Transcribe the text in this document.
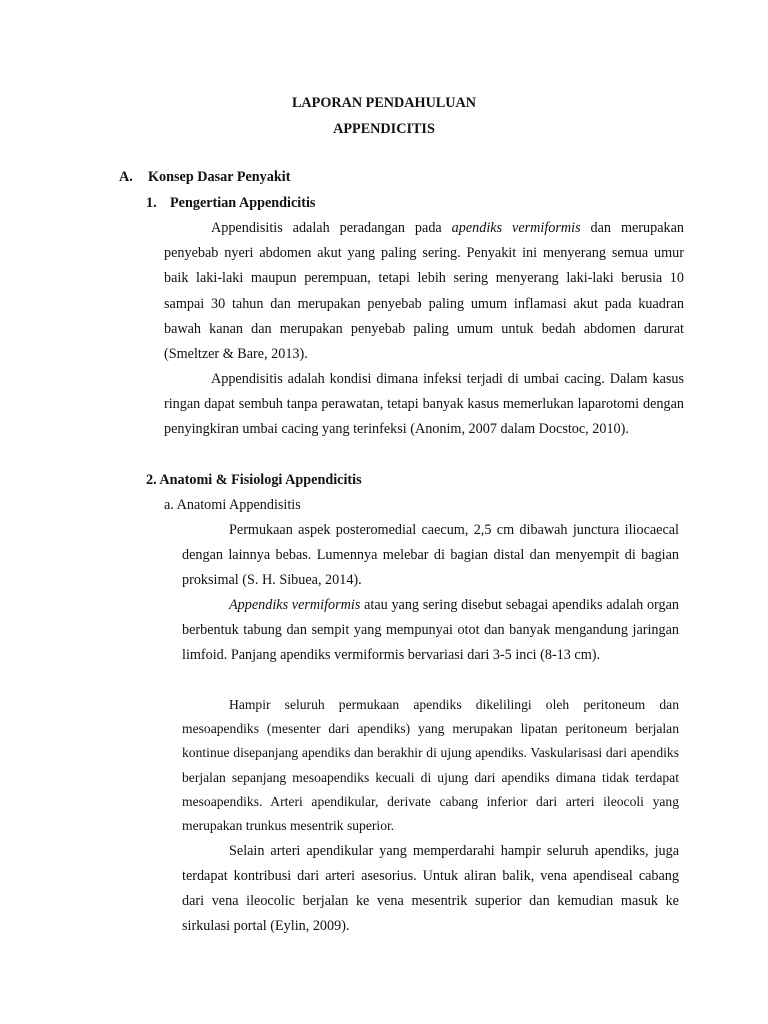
LAPORAN PENDAHULUAN
APPENDICITIS
A. Konsep Dasar Penyakit
1. Pengertian Appendicitis

Appendisitis adalah peradangan pada apendiks vermiformis dan merupakan penyebab nyeri abdomen akut yang paling sering. Penyakit ini menyerang semua umur baik laki-laki maupun perempuan, tetapi lebih sering menyerang laki-laki berusia 10 sampai 30 tahun dan merupakan penyebab paling umum inflamasi akut pada kuadran bawah kanan dan merupakan penyebab paling umum untuk bedah abdomen darurat (Smeltzer & Bare, 2013).

Appendisitis adalah kondisi dimana infeksi terjadi di umbai cacing. Dalam kasus ringan dapat sembuh tanpa perawatan, tetapi banyak kasus memerlukan laparotomi dengan penyingkiran umbai cacing yang terinfeksi (Anonim, 2007 dalam Docstoc, 2010).

2. Anatomi & Fisiologi Appendicitis
a. Anatomi Appendisitis

Permukaan aspek posteromedial caecum, 2,5 cm dibawah junctura iliocaecal dengan lainnya bebas. Lumennya melebar di bagian distal dan menyempit di bagian proksimal (S. H. Sibuea, 2014).

Appendiks vermiformis atau yang sering disebut sebagai apendiks adalah organ berbentuk tabung dan sempit yang mempunyai otot dan banyak mengandung jaringan limfoid. Panjang apendiks vermiformis bervariasi dari 3-5 inci (8-13 cm).

Hampir seluruh permukaan apendiks dikelilingi oleh peritoneum dan mesoapendiks (mesenter dari apendiks) yang merupakan lipatan peritoneum berjalan kontinue disepanjang apendiks dan berakhir di ujung apendiks. Vaskularisasi dari apendiks berjalan sepanjang mesoapendiks kecuali di ujung dari apendiks dimana tidak terdapat mesoapendiks. Arteri apendikular, derivate cabang inferior dari arteri ileocoli yang merupakan trunkus mesentrik superior.

Selain arteri apendikular yang memperdarahi hampir seluruh apendiks, juga terdapat kontribusi dari arteri asesorius. Untuk aliran balik, vena apendiseal cabang dari vena ileocolic berjalan ke vena mesentrik superior dan kemudian masuk ke sirkulasi portal (Eylin, 2009).
